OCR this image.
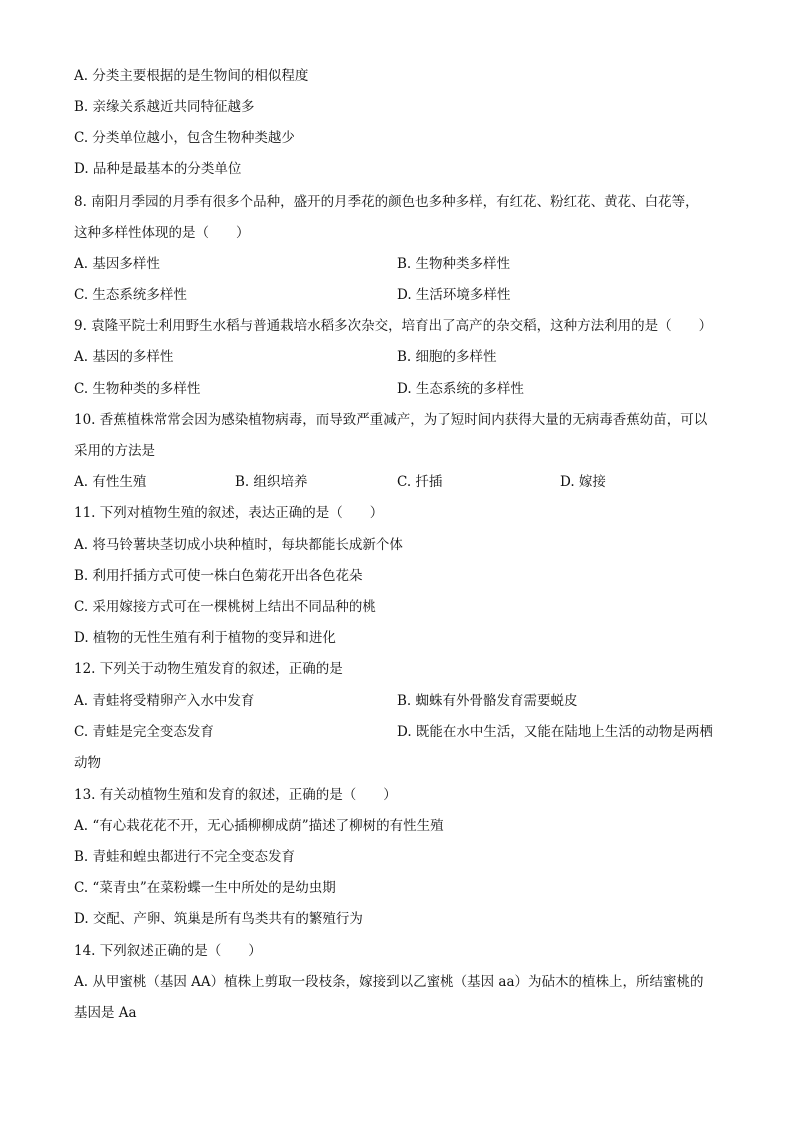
A. 分类主要根据的是生物间的相似程度
B. 亲缘关系越近共同特征越多
C. 分类单位越小，包含生物种类越少
D. 品种是最基本的分类单位
8. 南阳月季园的月季有很多个品种，盛开的月季花的颜色也多种多样，有红花、粉红花、黄花、白花等，
这种多样性体现的是（　　）
A. 基因多样性	B. 生物种类多样性
C. 生态系统多样性	D. 生活环境多样性
9. 袁隆平院士利用野生水稻与普通栽培水稻多次杂交，培育出了高产的杂交稻，这种方法利用的是（　　）
A. 基因的多样性	B. 细胞的多样性
C. 生物种类的多样性	D. 生态系统的多样性
10. 香蕉植株常常会因为感染植物病毒，而导致严重减产，为了短时间内获得大量的无病毒香蕉幼苗，可以
采用的方法是
A. 有性生殖	B. 组织培养	C. 扦插	D. 嫁接
11. 下列对植物生殖的叙述，表达正确的是（　　）
A. 将马铃薯块茎切成小块种植时，每块都能长成新个体
B. 利用扦插方式可使一株白色菊花开出各色花朵
C. 采用嫁接方式可在一棵桃树上结出不同品种的桃
D. 植物的无性生殖有利于植物的变异和进化
12. 下列关于动物生殖发育的叙述，正确的是
A. 青蛙将受精卵产入水中发育	B. 蜘蛛有外骨骼发育需要蜕皮
C. 青蛙是完全变态发育	D. 既能在水中生活，又能在陆地上生活的动物是两栖
动物
13. 有关动植物生殖和发育的叙述，正确的是（　　）
A. “有心栽花花不开，无心插柳柳成荫”描述了柳树的有性生殖
B. 青蛙和蝗虫都进行不完全变态发育
C. “菜青虫”在菜粉蝶一生中所处的是幼虫期
D. 交配、产卵、筑巢是所有鸟类共有的繁殖行为
14. 下列叙述正确的是（　　）
A. 从甲蜜桃（基因 AA）植株上剪取一段枝条，嫁接到以乙蜜桃（基因 aa）为砧木的植株上，所结蜜桃的
基因是 Aa
